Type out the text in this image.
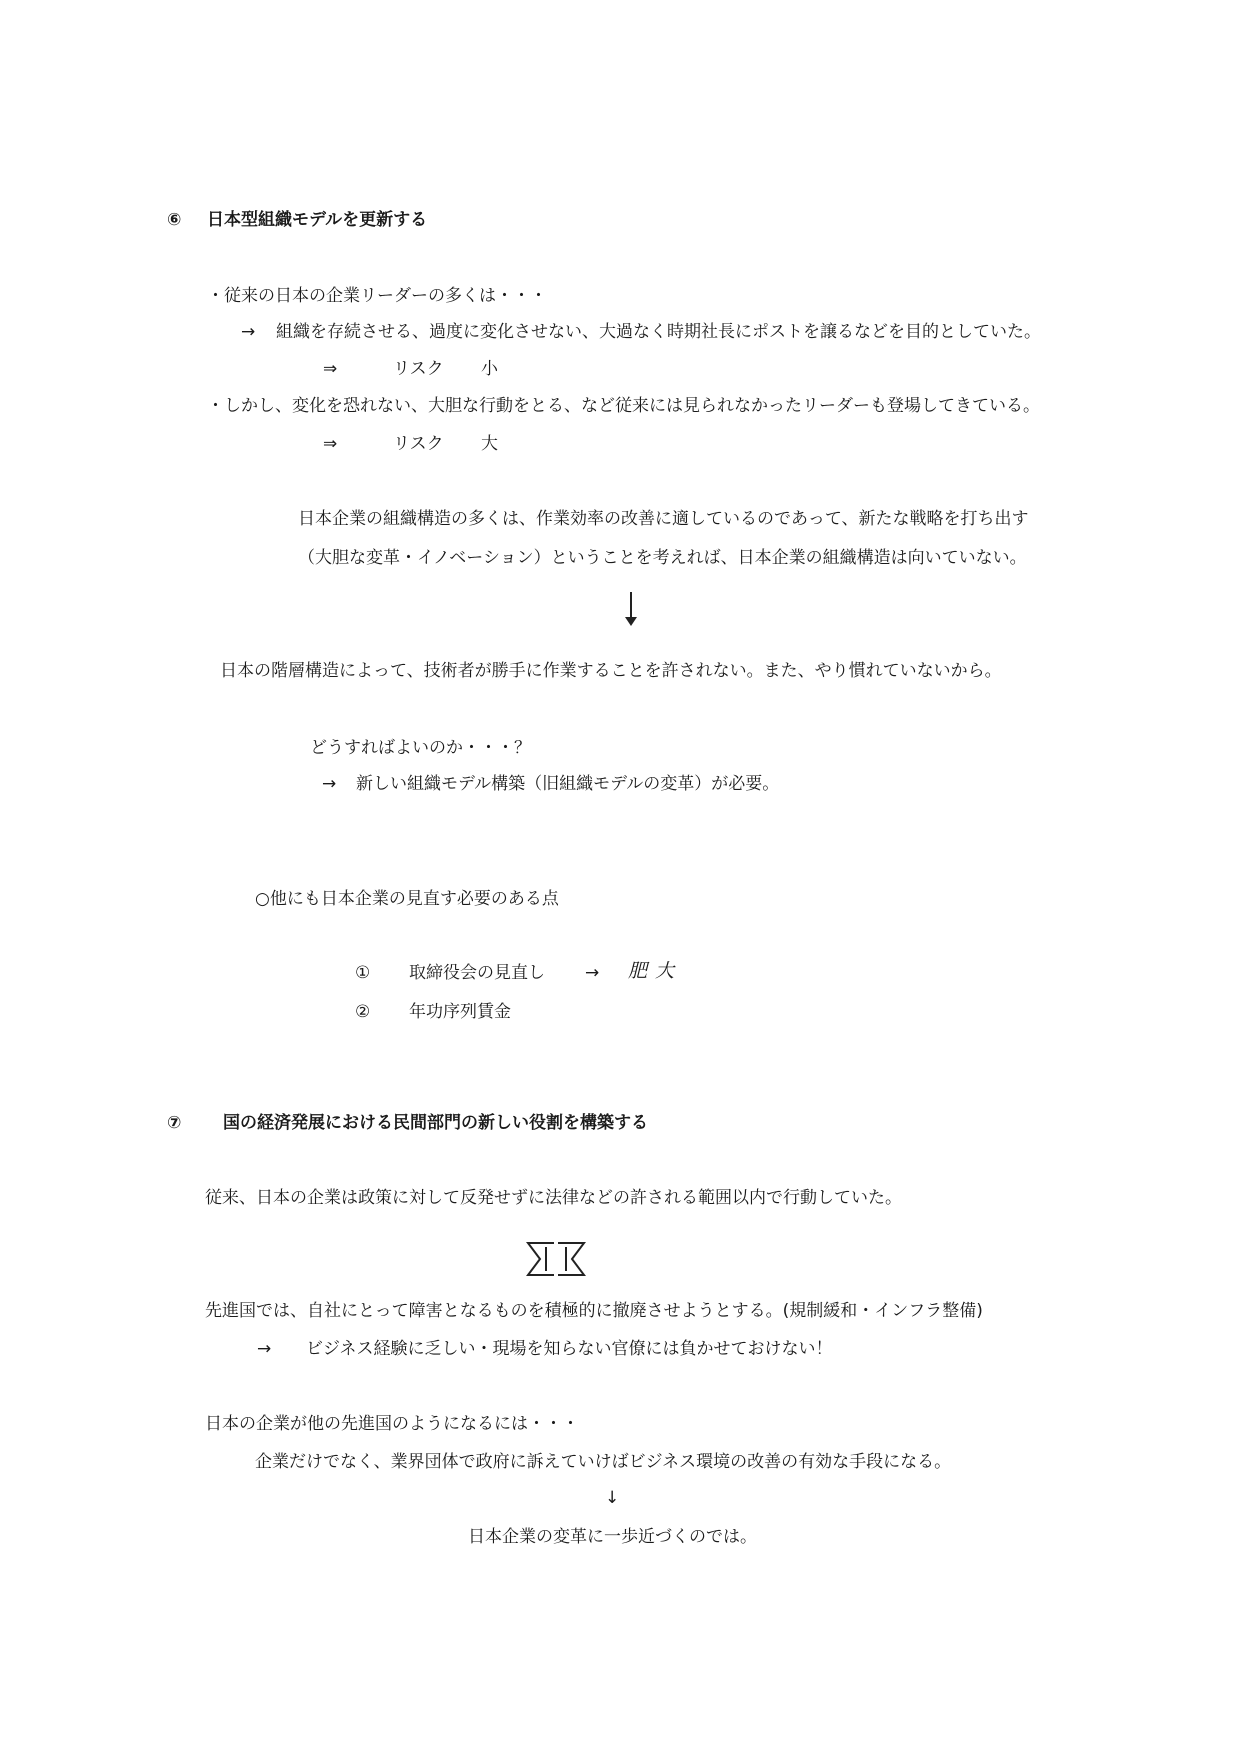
⑥ 日本型組織モデルを更新する
・従来の日本の企業リーダーの多くは・・・
→ 組織を存続させる、過度に変化させない、大過なく時期社長にポストを譲るなどを目的としていた。
⇒	リスク 小
・しかし、変化を恐れない、大胆な行動をとる、など従来には見られなかったリーダーも登場してきている。
⇒	リスク 大
日本企業の組織構造の多くは、作業効率の改善に適しているのであって、新たな戦略を打ち出す
（大胆な変革・イノベーション）ということを考えれば、日本企業の組織構造は向いていない。
日本の階層構造によって、技術者が勝手に作業することを許されない。また、やり慣れていないから。
どうすればよいのか・・・？
→ 新しい組織モデル構築（旧組織モデルの変革）が必要。
○他にも日本企業の見直す必要のある点
① 取締役会の見直し → 肥大
② 年功序列賃金
⑦ 国の経済発展における民間部門の新しい役割を構築する
従来、日本の企業は政策に対して反発せずに法律などの許される範囲以内で行動していた。
先進国では、自社にとって障害となるものを積極的に撤廃させようとする。(規制緩和・インフラ整備)
→ ビジネス経験に乏しい・現場を知らない官僚には負かせておけない！
日本の企業が他の先進国のようになるには・・・
企業だけでなく、業界団体で政府に訴えていけばビジネス環境の改善の有効な手段になる。
↓
日本企業の変革に一歩近づくのでは。
